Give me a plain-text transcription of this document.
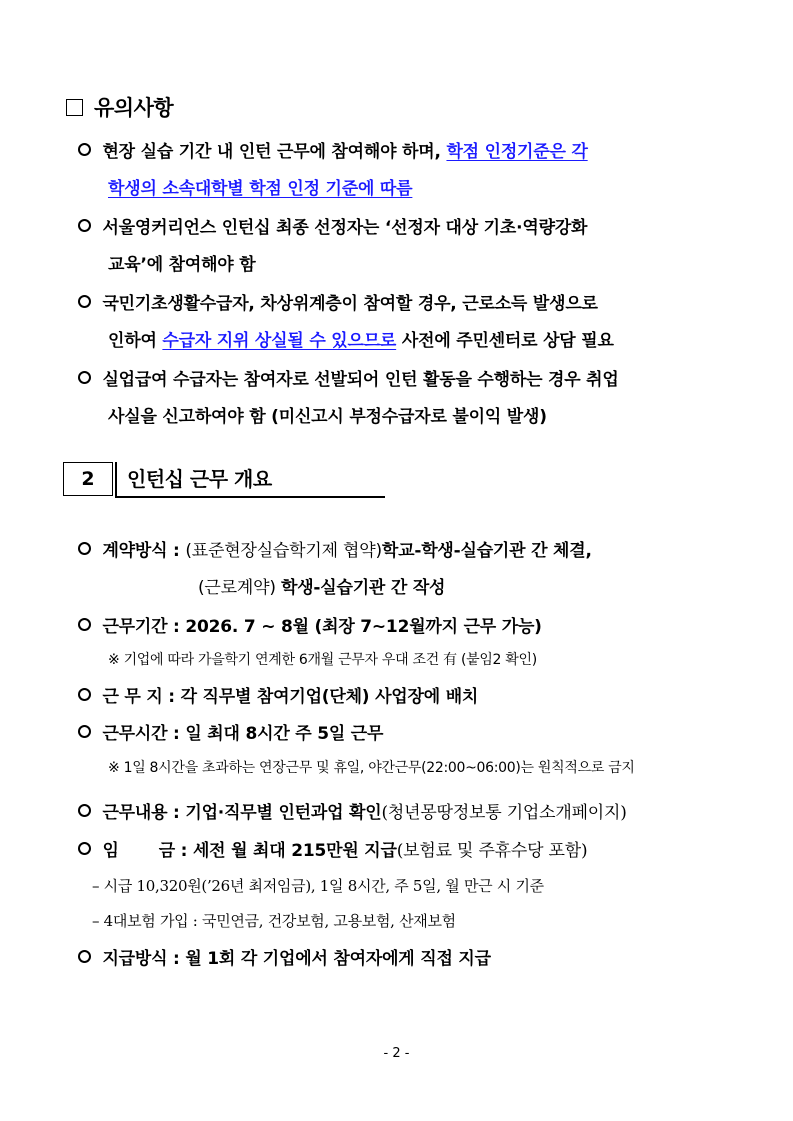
유의사항
현장 실습 기간 내 인턴 근무에 참여해야 하며, 학점 인정기준은 각
학생의 소속대학별 학점 인정 기준에 따름
서울영커리언스 인턴십 최종 선정자는 ‘선정자 대상 기초·역량강화
교육’에 참여해야 함
국민기초생활수급자, 차상위계층이 참여할 경우, 근로소득 발생으로
인하여 수급자 지위 상실될 수 있으므로 사전에 주민센터로 상담 필요
실업급여 수급자는 참여자로 선발되어 인턴 활동을 수행하는 경우 취업
사실을 신고하여야 함 (미신고시 부정수급자로 불이익 발생)
2	인턴십 근무 개요
계약방식 : (표준현장실습학기제 협약)학교-학생-실습기관 간 체결,
(근로계약) 학생-실습기관 간 작성
근무기간 : 2026. 7 ~ 8월 (최장 7~12월까지 근무 가능)
※ 기업에 따라 가을학기 연계한 6개월 근무자 우대 조건 有 (붙임2 확인)
근 무 지 : 각 직무별 참여기업(단체) 사업장에 배치
근무시간 : 일 최대 8시간 주 5일 근무
※ 1일 8시간을 초과하는 연장근무 및 휴일, 야간근무(22:00~06:00)는 원칙적으로 금지
근무내용 : 기업·직무별 인턴과업 확인(청년몽땅정보통 기업소개페이지)
임       금 : 세전 월 최대 215만원 지급(보험료 및 주휴수당 포함)
– 시급 10,320원(’26년 최저임금), 1일 8시간, 주 5일, 월 만근 시 기준
– 4대보험 가입 : 국민연금, 건강보험, 고용보험, 산재보험
지급방식 : 월 1회 각 기업에서 참여자에게 직접 지급
- 2 -
